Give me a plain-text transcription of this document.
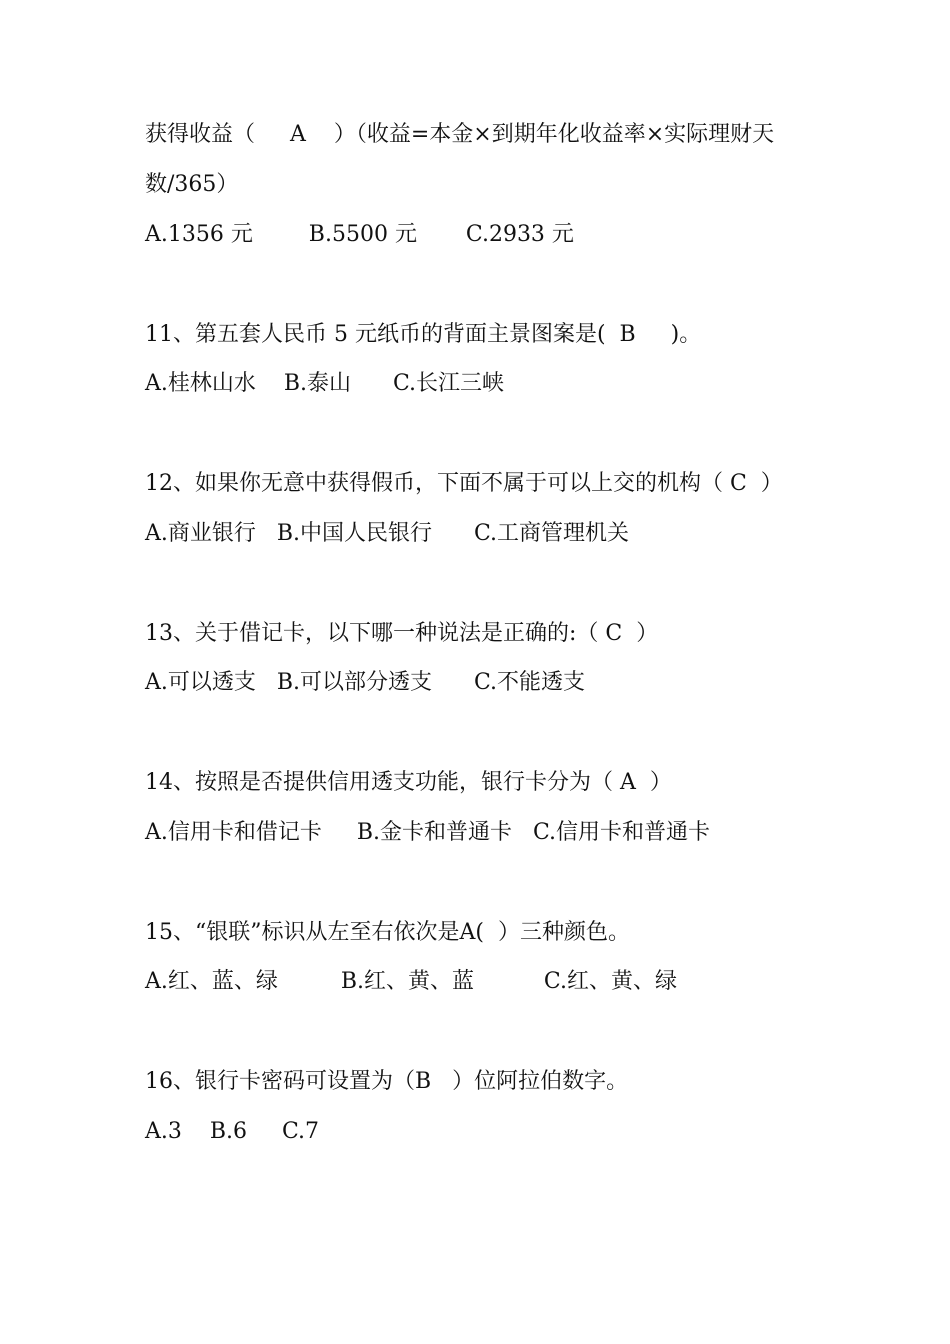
获得收益（     A    ）（收益=本金×到期年化收益率×实际理财天
数/365）
A.1356 元        B.5500 元       C.2933 元
11、第五套人民币 5 元纸币的背面主景图案是(  B     )。
A.桂林山水    B.泰山      C.长江三峡
12、如果你无意中获得假币，下面不属于可以上交的机构（ C  ）
A.商业银行   B.中国人民银行      C.工商管理机关
13、关于借记卡，以下哪一种说法是正确的:（ C  ）
A.可以透支   B.可以部分透支      C.不能透支
14、按照是否提供信用透支功能，银行卡分为（ A  ）
A.信用卡和借记卡     B.金卡和普通卡   C.信用卡和普通卡
15、“银联”标识从左至右依次是A(  ）三种颜色。
A.红、蓝、绿         B.红、黄、蓝          C.红、黄、绿
16、银行卡密码可设置为（B   ）位阿拉伯数字。
A.3    B.6     C.7
